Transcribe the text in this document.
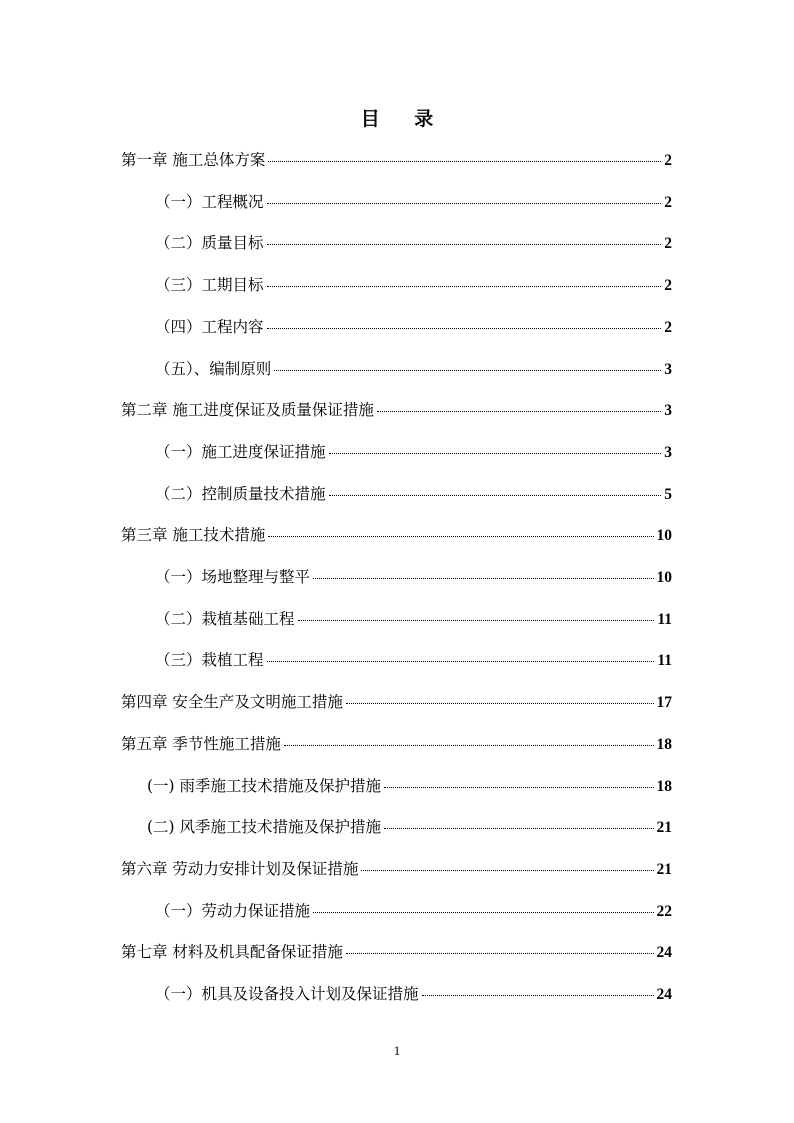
目 录
第一章 施工总体方案	2
（一）工程概况	2
（二）质量目标	2
（三）工期目标	2
（四）工程内容	2
（五）、编制原则	3
第二章 施工进度保证及质量保证措施	3
（一）施工进度保证措施	3
（二）控制质量技术措施	5
第三章 施工技术措施	10
（一）场地整理与整平	10
（二）栽植基础工程	11
（三）栽植工程	11
第四章 安全生产及文明施工措施	17
第五章 季节性施工措施	18
(一) 雨季施工技术措施及保护措施	18
(二) 风季施工技术措施及保护措施	21
第六章 劳动力安排计划及保证措施	21
（一）劳动力保证措施	22
第七章 材料及机具配备保证措施	24
（一）机具及设备投入计划及保证措施	24
1
